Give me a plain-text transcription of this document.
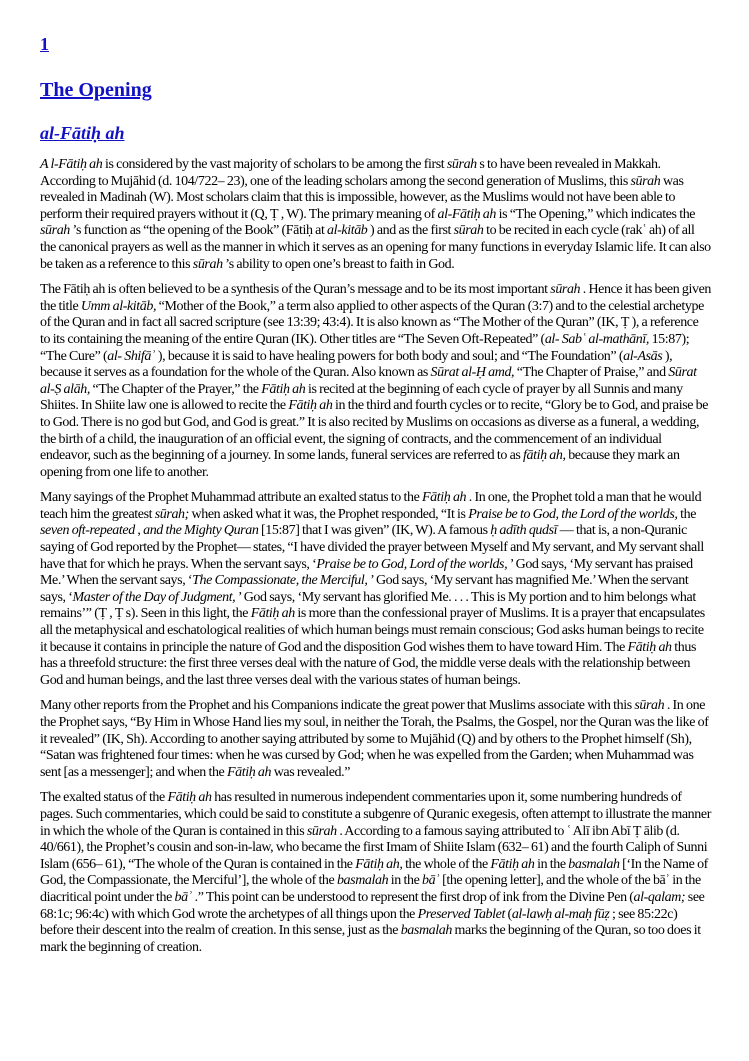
1
The Opening
al-Fātiḥ ah

A l-Fātiḥ ah is considered by the vast majority of scholars to be among the first sūrah s to have been revealed in Makkah. According to Mujāhid (d. 104/722– 23), one of the leading scholars among the second generation of Muslims, this sūrah was revealed in Madinah (W). Most scholars claim that this is impossible, however, as the Muslims would not have been able to perform their required prayers without it (Q, Ṭ , W). The primary meaning of al-Fātiḥ ah is “The Opening,” which indicates the sūrah ’s function as “the opening of the Book” (Fātiḥ at al-kitāb ) and as the first sūrah to be recited in each cycle (rakʿ ah) of all the canonical prayers as well as the manner in which it serves as an opening for many functions in everyday Islamic life. It can also be taken as a reference to this sūrah ’s ability to open one’s breast to faith in God.

The Fātiḥ ah is often believed to be a synthesis of the Quran’s message and to be its most important sūrah . Hence it has been given the title Umm al-kitāb, “Mother of the Book,” a term also applied to other aspects of the Quran (3:7) and to the celestial archetype of the Quran and in fact all sacred scripture (see 13:39; 43:4). It is also known as “The Mother of the Quran” (IK, Ṭ ), a reference to its containing the meaning of the entire Quran (IK). Other titles are “The Seven Oft-Repeated” (al- Sabʿ al-mathānī, 15:87); “The Cure” (al- Shifāʾ ), because it is said to have healing powers for both body and soul; and “The Foundation” (al-Asās ), because it serves as a foundation for the whole of the Quran. Also known as Sūrat al-Ḥ amd, “The Chapter of Praise,” and Sūrat al-Ṣ alāh, “The Chapter of the Prayer,” the Fātiḥ ah is recited at the beginning of each cycle of prayer by all Sunnis and many Shiites. In Shiite law one is allowed to recite the Fātiḥ ah in the third and fourth cycles or to recite, “Glory be to God, and praise be to God. There is no god but God, and God is great.” It is also recited by Muslims on occasions as diverse as a funeral, a wedding, the birth of a child, the inauguration of an official event, the signing of contracts, and the commencement of an individual endeavor, such as the beginning of a journey. In some lands, funeral services are referred to as fātiḥ ah, because they mark an opening from one life to another.

Many sayings of the Prophet Muhammad attribute an exalted status to the Fātiḥ ah . In one, the Prophet told a man that he would teach him the greatest sūrah; when asked what it was, the Prophet responded, “It is Praise be to God, the Lord of the worlds, the seven oft-repeated , and the Mighty Quran [15:87] that I was given” (IK, W). A famous ḥ adīth qudsī — that is, a non-Quranic saying of God reported by the Prophet— states, “I have divided the prayer between Myself and My servant, and My servant shall have that for which he prays. When the servant says, ‘Praise be to God, Lord of the worlds, ’ God says, ‘My servant has praised Me.’ When the servant says, ‘The Compassionate, the Merciful, ’ God says, ‘My servant has magnified Me.’ When the servant says, ‘Master of the Day of Judgment, ’ God says, ‘My servant has glorified Me. . . . This is My portion and to him belongs what remains’” (Ṭ , Ṭ s). Seen in this light, the Fātiḥ ah is more than the confessional prayer of Muslims. It is a prayer that encapsulates all the metaphysical and eschatological realities of which human beings must remain conscious; God asks human beings to recite it because it contains in principle the nature of God and the disposition God wishes them to have toward Him. The Fātiḥ ah thus has a threefold structure: the first three verses deal with the nature of God, the middle verse deals with the relationship between God and human beings, and the last three verses deal with the various states of human beings.

Many other reports from the Prophet and his Companions indicate the great power that Muslims associate with this sūrah . In one the Prophet says, “By Him in Whose Hand lies my soul, in neither the Torah, the Psalms, the Gospel, nor the Quran was the like of it revealed” (IK, Sh). According to another saying attributed by some to Mujāhid (Q) and by others to the Prophet himself (Sh), “Satan was frightened four times: when he was cursed by God; when he was expelled from the Garden; when Muhammad was sent [as a messenger]; and when the Fātiḥ ah was revealed.”

The exalted status of the Fātiḥ ah has resulted in numerous independent commentaries upon it, some numbering hundreds of pages. Such commentaries, which could be said to constitute a subgenre of Quranic exegesis, often attempt to illustrate the manner in which the whole of the Quran is contained in this sūrah . According to a famous saying attributed to ʿ Alī ibn Abī Ṭ ālib (d. 40/661), the Prophet’s cousin and son-in-law, who became the first Imam of Shiite Islam (632– 61) and the fourth Caliph of Sunni Islam (656– 61), “The whole of the Quran is contained in the Fātiḥ ah, the whole of the Fātiḥ ah in the basmalah [‘In the Name of God, the Compassionate, the Merciful’], the whole of the basmalah in the bāʾ [the opening letter], and the whole of the bāʾ in the diacritical point under the bāʾ .” This point can be understood to represent the first drop of ink from the Divine Pen (al-qalam; see 68:1c; 96:4c) with which God wrote the archetypes of all things upon the Preserved Tablet (al-lawḥ al-maḥ fūẓ ; see 85:22c) before their descent into the realm of creation. In this sense, just as the basmalah marks the beginning of the Quran, so too does it mark the beginning of creation.
